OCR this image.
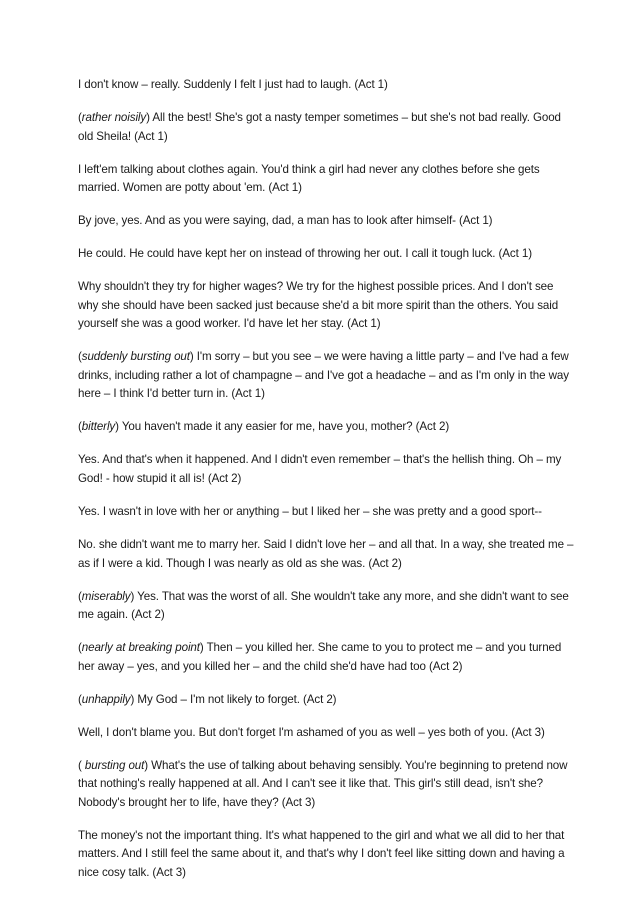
I don't know – really. Suddenly I felt I just had to laugh. (Act 1)

(rather noisily) All the best! She's got a nasty temper sometimes – but she's not bad really. Good old Sheila! (Act 1)

I left'em talking about clothes again. You'd think a girl had never any clothes before she gets married. Women are potty about 'em. (Act 1)

By jove, yes. And as you were saying, dad, a man has to look after himself- (Act 1)

He could. He could have kept her on instead of throwing her out. I call it tough luck. (Act 1)

Why shouldn't they try for higher wages? We try for the highest possible prices. And I don't see why she should have been sacked just because she'd a bit more spirit than the others. You said yourself she was a good worker. I'd have let her stay. (Act 1)

(suddenly bursting out) I'm sorry – but you see – we were having a little party – and I've had a few drinks, including rather a lot of champagne – and I've got a headache – and as I'm only in the way here – I think I'd better turn in. (Act 1)

(bitterly) You haven't made it any easier for me, have you, mother? (Act 2)

Yes. And that's when it happened. And I didn't even remember – that's the hellish thing. Oh – my God! - how stupid it all is! (Act 2)

Yes. I wasn't in love with her or anything – but I liked her – she was pretty and a good sport--

No. she didn't want me to marry her. Said I didn't love her – and all that. In a way, she treated me – as if I were a kid. Though I was nearly as old as she was. (Act 2)

(miserably) Yes. That was the worst of all. She wouldn't take any more, and she didn't want to see me again. (Act 2)

(nearly at breaking point) Then – you killed her. She came to you to protect me – and you turned her away – yes, and you killed her – and the child she'd have had too (Act 2)

(unhappily) My God – I'm not likely to forget. (Act 2)

Well, I don't blame you. But don't forget I'm ashamed of you as well – yes both of you. (Act 3)

( bursting out) What's the use of talking about behaving sensibly. You're beginning to pretend now that nothing's really happened at all. And I can't see it like that. This girl's still dead, isn't she? Nobody's brought her to life, have they? (Act 3)

The money's not the important thing. It's what happened to the girl and what we all did to her that matters. And I still feel the same about it, and that's why I don't feel like sitting down and having a nice cosy talk. (Act 3)
